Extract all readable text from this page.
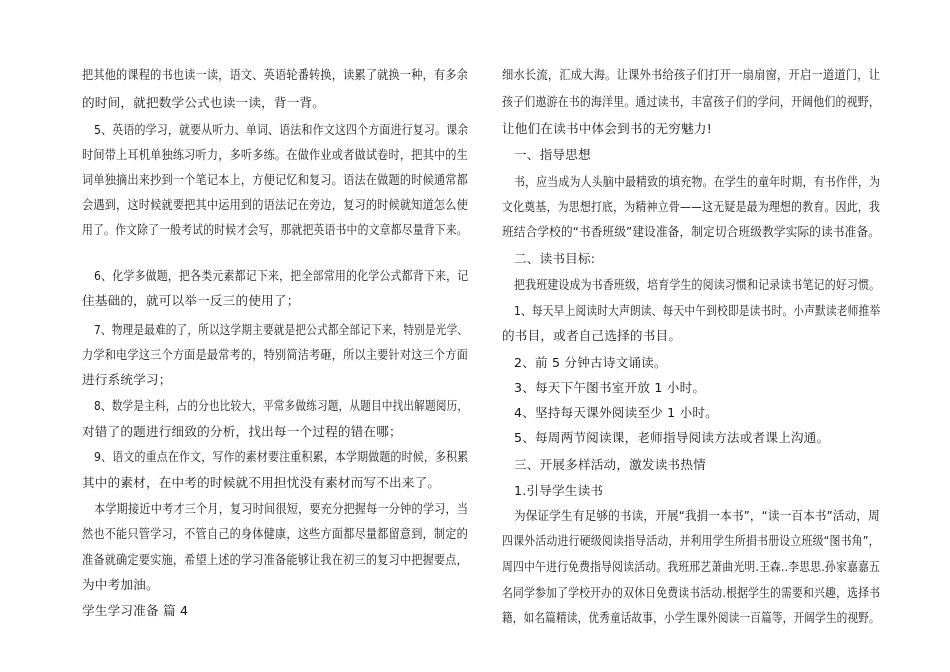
把其他的课程的书也读一读，语文、英语轮番转换，读累了就换一种，有多余
的时间，就把数学公式也读一读，背一背。
5、英语的学习，就要从听力、单词、语法和作文这四个方面进行复习。课余
时间带上耳机单独练习听力，多听多练。在做作业或者做试卷时，把其中的生
词单独摘出来抄到一个笔记本上，方便记忆和复习。语法在做题的时候通常都
会遇到，这时候就要把其中运用到的语法记在旁边，复习的时候就知道怎么使
用了。作文除了一般考试的时候才会写，那就把英语书中的文章都尽量背下来。
6、化学多做题，把各类元素都记下来，把全部常用的化学公式都背下来，记
住基础的，就可以举一反三的使用了；
7、物理是最难的了，所以这学期主要就是把公式都全部记下来，特别是光学、
力学和电学这三个方面是最常考的，特别简洁考砸，所以主要针对这三个方面
进行系统学习；
8、数学是主科，占的分也比较大，平常多做练习题，从题目中找出解题阅历，
对错了的题进行细致的分析，找出每一个过程的错在哪；
9、语文的重点在作文，写作的素材要注重积累，本学期做题的时候，多积累
其中的素材，在中考的时候就不用担忧没有素材而写不出来了。
本学期接近中考才三个月，复习时间很短，要充分把握每一分钟的学习，当
然也不能只管学习，不管自己的身体健康，这些方面都尽量都留意到，制定的
准备就确定要实施，希望上述的学习准备能够让我在初三的复习中把握要点，
为中考加油。
学生学习准备 篇 4
细水长流，汇成大海。让课外书给孩子们打开一扇扇窗，开启一道道门，让
孩子们遨游在书的海洋里。通过读书，丰富孩子们的学问，开阔他们的视野，
让他们在读书中体会到书的无穷魅力!
一、指导思想
书，应当成为人头脑中最精致的填充物。在学生的童年时期，有书作伴，为
文化奠基，为思想打底，为精神立骨——这无疑是最为理想的教育。因此，我
班结合学校的“书香班级”建设准备，制定切合班级教学实际的读书准备。
二、读书目标:
把我班建设成为书香班级，培育学生的阅读习惯和记录读书笔记的好习惯。
1、每天早上阅读时大声朗读、每天中午到校即是读书时。小声默读老师推举
的书目，或者自己选择的书目。
2、前 5 分钟古诗文诵读。
3、每天下午图书室开放 1 小时。
4、坚持每天课外阅读至少 1 小时。
5、每周两节阅读课，老师指导阅读方法或者课上沟通。
三、开展多样活动，激发读书热情
1.引导学生读书
为保证学生有足够的书读，开展“我捐一本书”，“读一百本书”活动，周
四课外活动进行硬级阅读指导活动，并利用学生所捐书册设立班级“图书角”，
周四中午进行免费指导阅读活动。我班邢艺萧曲光明.王森..李思思.孙家嘉嘉五
名同学参加了学校开办的双休日免费读书活动.根据学生的需要和兴趣，选择书
籍，如名篇精读，优秀童话故事，小学生课外阅读一百篇等，开阔学生的视野。
